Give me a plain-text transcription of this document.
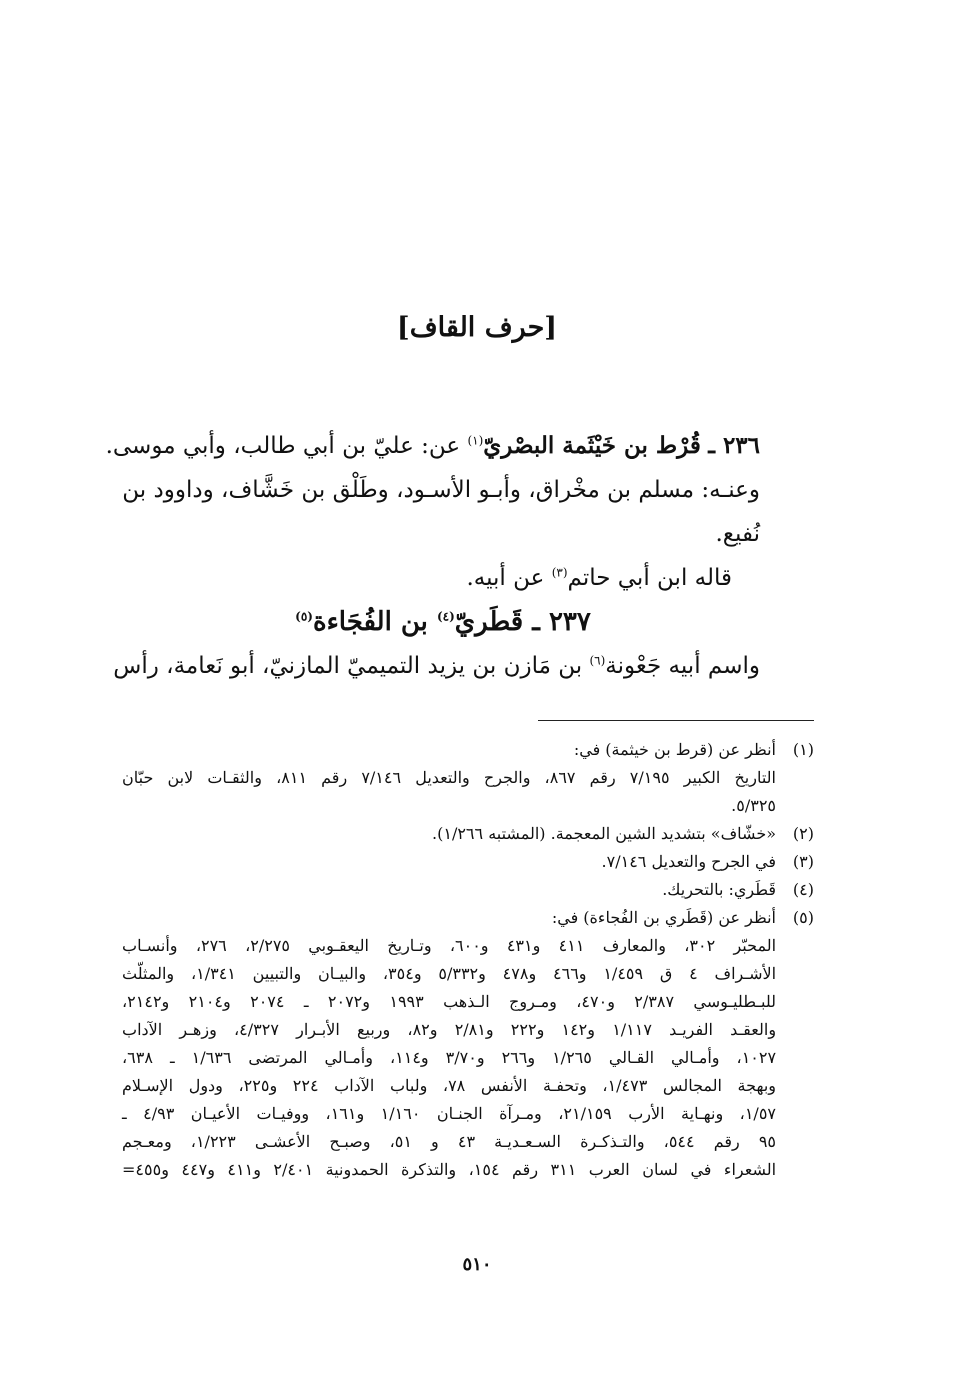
[حرف القاف]

٢٣٦ ـ قُرْط بن خَيْثَمة البصْريّ$^{(١)}$ عن: عليّ بن أبي طالب، وأبي موسى.

وعنـه: مسلم بن مخْراق، وأبـو الأسـود، وطَلْق بن خَشَّاف، وداوود بن

نُفيع.

قاله ابن أبي حاتم$^{(٣)}$ عن أبيه.

٢٣٧ ـ قَطَريّ$^{(٤)}$ بن الفُجَاءة$^{(٥)}$

واسم أبيه جَعْونة$^{(٦)}$ بن مَازن بن يزيد التميميّ المازنيّ، أبو نَعامة، رأس

(١)
أنظر عن (قرط بن خيثمة) في:
التاريخ الكبير ٧/١٩٥ رقم ٨٦٧، والجرح والتعديل ٧/١٤٦ رقم ٨١١، والثقـات لابن حبّان
٥/٣٢٥.
(٢)
«خشّاف» بتشديد الشين المعجمة. (المشتبه ١/٢٦٦).
(٣)
في الجرح والتعديل ٧/١٤٦.
(٤)
قَطَري: بالتحريك.
(٥)
أنظر عن (قَطَري بن الفُجاءة) في:
المحبّر ٣٠٢، والمعارف ٤١١ و٤٣١ و٦٠٠، وتـاريخ اليعقـوبي ٢/٢٧٥، ٢٧٦، وأنسـاب
الأشـراف ٤ ق ١/٤٥٩ و٤٦٦ و٤٧٨ و٥/٣٣٢ و٣٥٤، والبيـان والتبيين ١/٣٤١، والمثلّث
للبـطليـوسي ٢/٣٨٧ و٤٧٠، ومـروج الـذهب ١٩٩٣ و٢٠٧٢ ـ ٢٠٧٤ و٢١٠٤ و٢١٤٢،
والعقـد الفريـد ١/١١٧ و١٤٢ و٢٢٢ و٢/٨١ و٨٢، وربيع الأبـرار ٤/٣٢٧، وزهـر الآداب
١٠٢٧، وأمـالي القـالي ١/٢٦٥ و٢٦٦ و٣/٧٠ و١١٤، وأمـالي المرتضى ١/٦٣٦ ـ ٦٣٨،
وبهجة المجالس ١/٤٧٣، وتحفـة الأنفس ٧٨، ولباب الآداب ٢٢٤ و٢٢٥، ودول الإسـلام
١/٥٧، ونهـاية الأرب ٢١/١٥٩، ومـرآة الجنـان ١/١٦٠ و١٦١، ووفيـات الأعيـان ٤/٩٣ ـ
٩٥ رقم ٥٤٤، والتـذكـرة السـعـديـة ٤٣ و ٥١، وصبـح الأعشـى ١/٢٢٣، ومعـجم
الشعراء في لسان العرب ٣١١ رقم ١٥٤، والتذكرة الحمدونية ٢/٤٠١ و٤١١ و٤٤٧ و٤٥٥=
٥١٠
